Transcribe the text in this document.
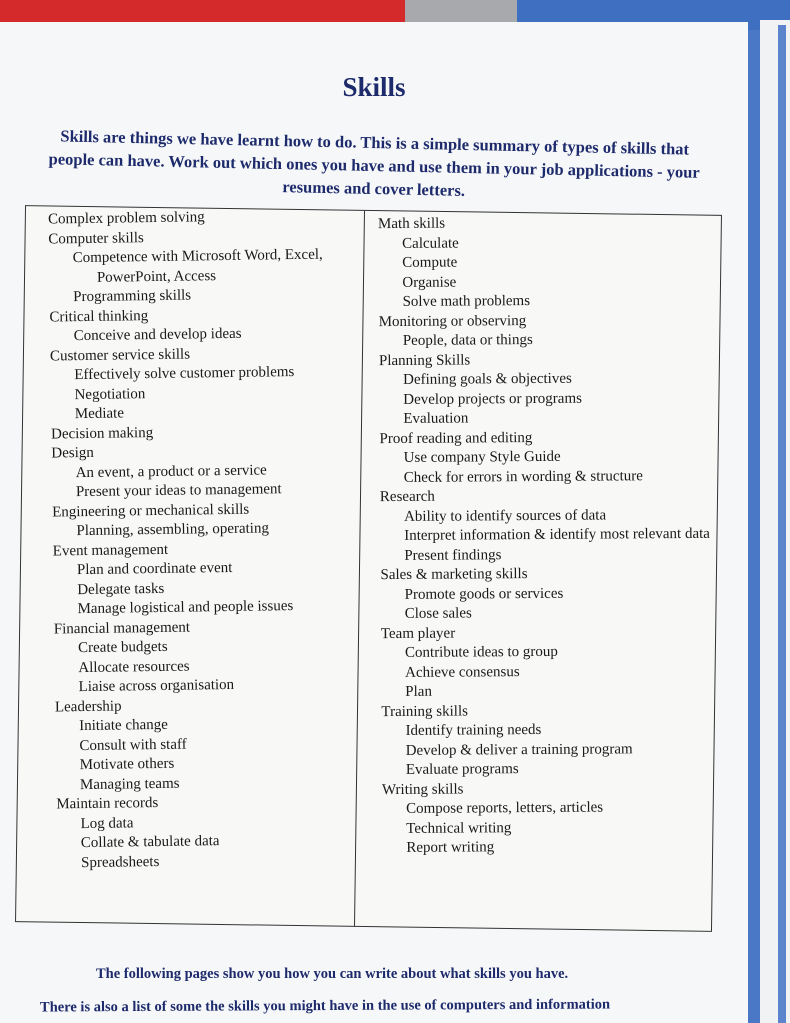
Skills

Skills are things we have learnt how to do. This is a simple summary of types of skills that people can have. Work out which ones you have and use them in your job applications - your resumes and cover letters.

Complex problem solving

Computer skills

Competence with Microsoft Word, Excel,

PowerPoint, Access

Programming skills

Critical thinking

Conceive and develop ideas

Customer service skills

Effectively solve customer problems

Negotiation

Mediate

Decision making

Design

An event, a product or a service

Present your ideas to management

Engineering or mechanical skills

Planning, assembling, operating

Event management

Plan and coordinate event

Delegate tasks

Manage logistical and people issues

Financial management

Create budgets

Allocate resources

Liaise across organisation

Leadership

Initiate change

Consult with staff

Motivate others

Managing teams

Maintain records

Log data

Collate & tabulate data

Spreadsheets

Math skills

Calculate

Compute

Organise

Solve math problems

Monitoring or observing

People, data or things

Planning Skills

Defining goals & objectives

Develop projects or programs

Evaluation

Proof reading and editing

Use company Style Guide

Check for errors in wording & structure

Research

Ability to identify sources of data

Interpret information & identify most relevant data

Present findings

Sales & marketing skills

Promote goods or services

Close sales

Team player

Contribute ideas to group

Achieve consensus

Plan

Training skills

Identify training needs

Develop & deliver a training program

Evaluate programs

Writing skills

Compose reports, letters, articles

Technical writing

Report writing

The following pages show you how you can write about what skills you have.

There is also a list of some the skills you might have in the use of computers and information
